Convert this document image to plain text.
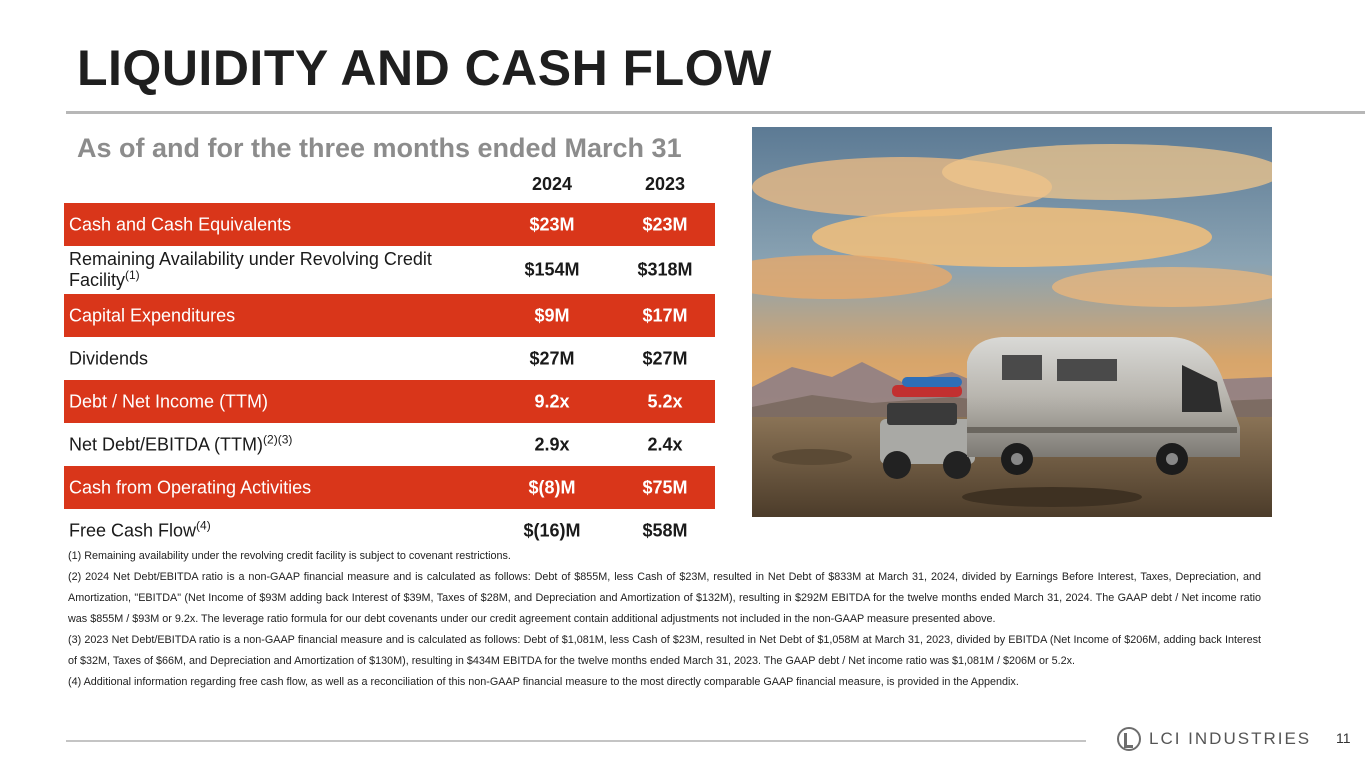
LIQUIDITY AND CASH FLOW
As of and for the three months ended March 31
2024	2023
Cash and Cash Equivalents	$23M	$23M
Remaining Availability under Revolving Credit Facility$^{(1)}$	$154M	$318M
Capital Expenditures	$9M	$17M
Dividends	$27M	$27M
Debt / Net Income (TTM)	9.2x	5.2x
Net Debt/EBITDA (TTM)$^{(2)(3)}$	2.9x	2.4x
Cash from Operating Activities	$(8)M	$75M
Free Cash Flow$^{(4)}$	$(16)M	$58M

(1) Remaining availability under the revolving credit facility is subject to covenant restrictions.

(2) 2024 Net Debt/EBITDA ratio is a non-GAAP financial measure and is calculated as follows: Debt of $855M, less Cash of $23M, resulted in Net Debt of $833M at March 31, 2024, divided by Earnings Before Interest, Taxes, Depreciation, and Amortization, "EBITDA" (Net Income of $93M adding back Interest of $39M, Taxes of $28M, and Depreciation and Amortization of $132M), resulting in $292M EBITDA for the twelve months ended March 31, 2024. The GAAP debt / Net income ratio was $855M / $93M or 9.2x. The leverage ratio formula for our debt covenants under our credit agreement contain additional adjustments not included in the non-GAAP measure presented above.

(3) 2023 Net Debt/EBITDA ratio is a non-GAAP financial measure and is calculated as follows: Debt of $1,081M, less Cash of $23M, resulted in Net Debt of $1,058M at March 31, 2023, divided by EBITDA (Net Income of $206M, adding back Interest of $32M, Taxes of $66M, and Depreciation and Amortization of $130M), resulting in $434M EBITDA for the twelve months ended March 31, 2023. The GAAP debt / Net income ratio was $1,081M / $206M or 5.2x.

(4) Additional information regarding free cash flow, as well as a reconciliation of this non-GAAP financial measure to the most directly comparable GAAP financial measure, is provided in the Appendix.

LCI INDUSTRIES 11
